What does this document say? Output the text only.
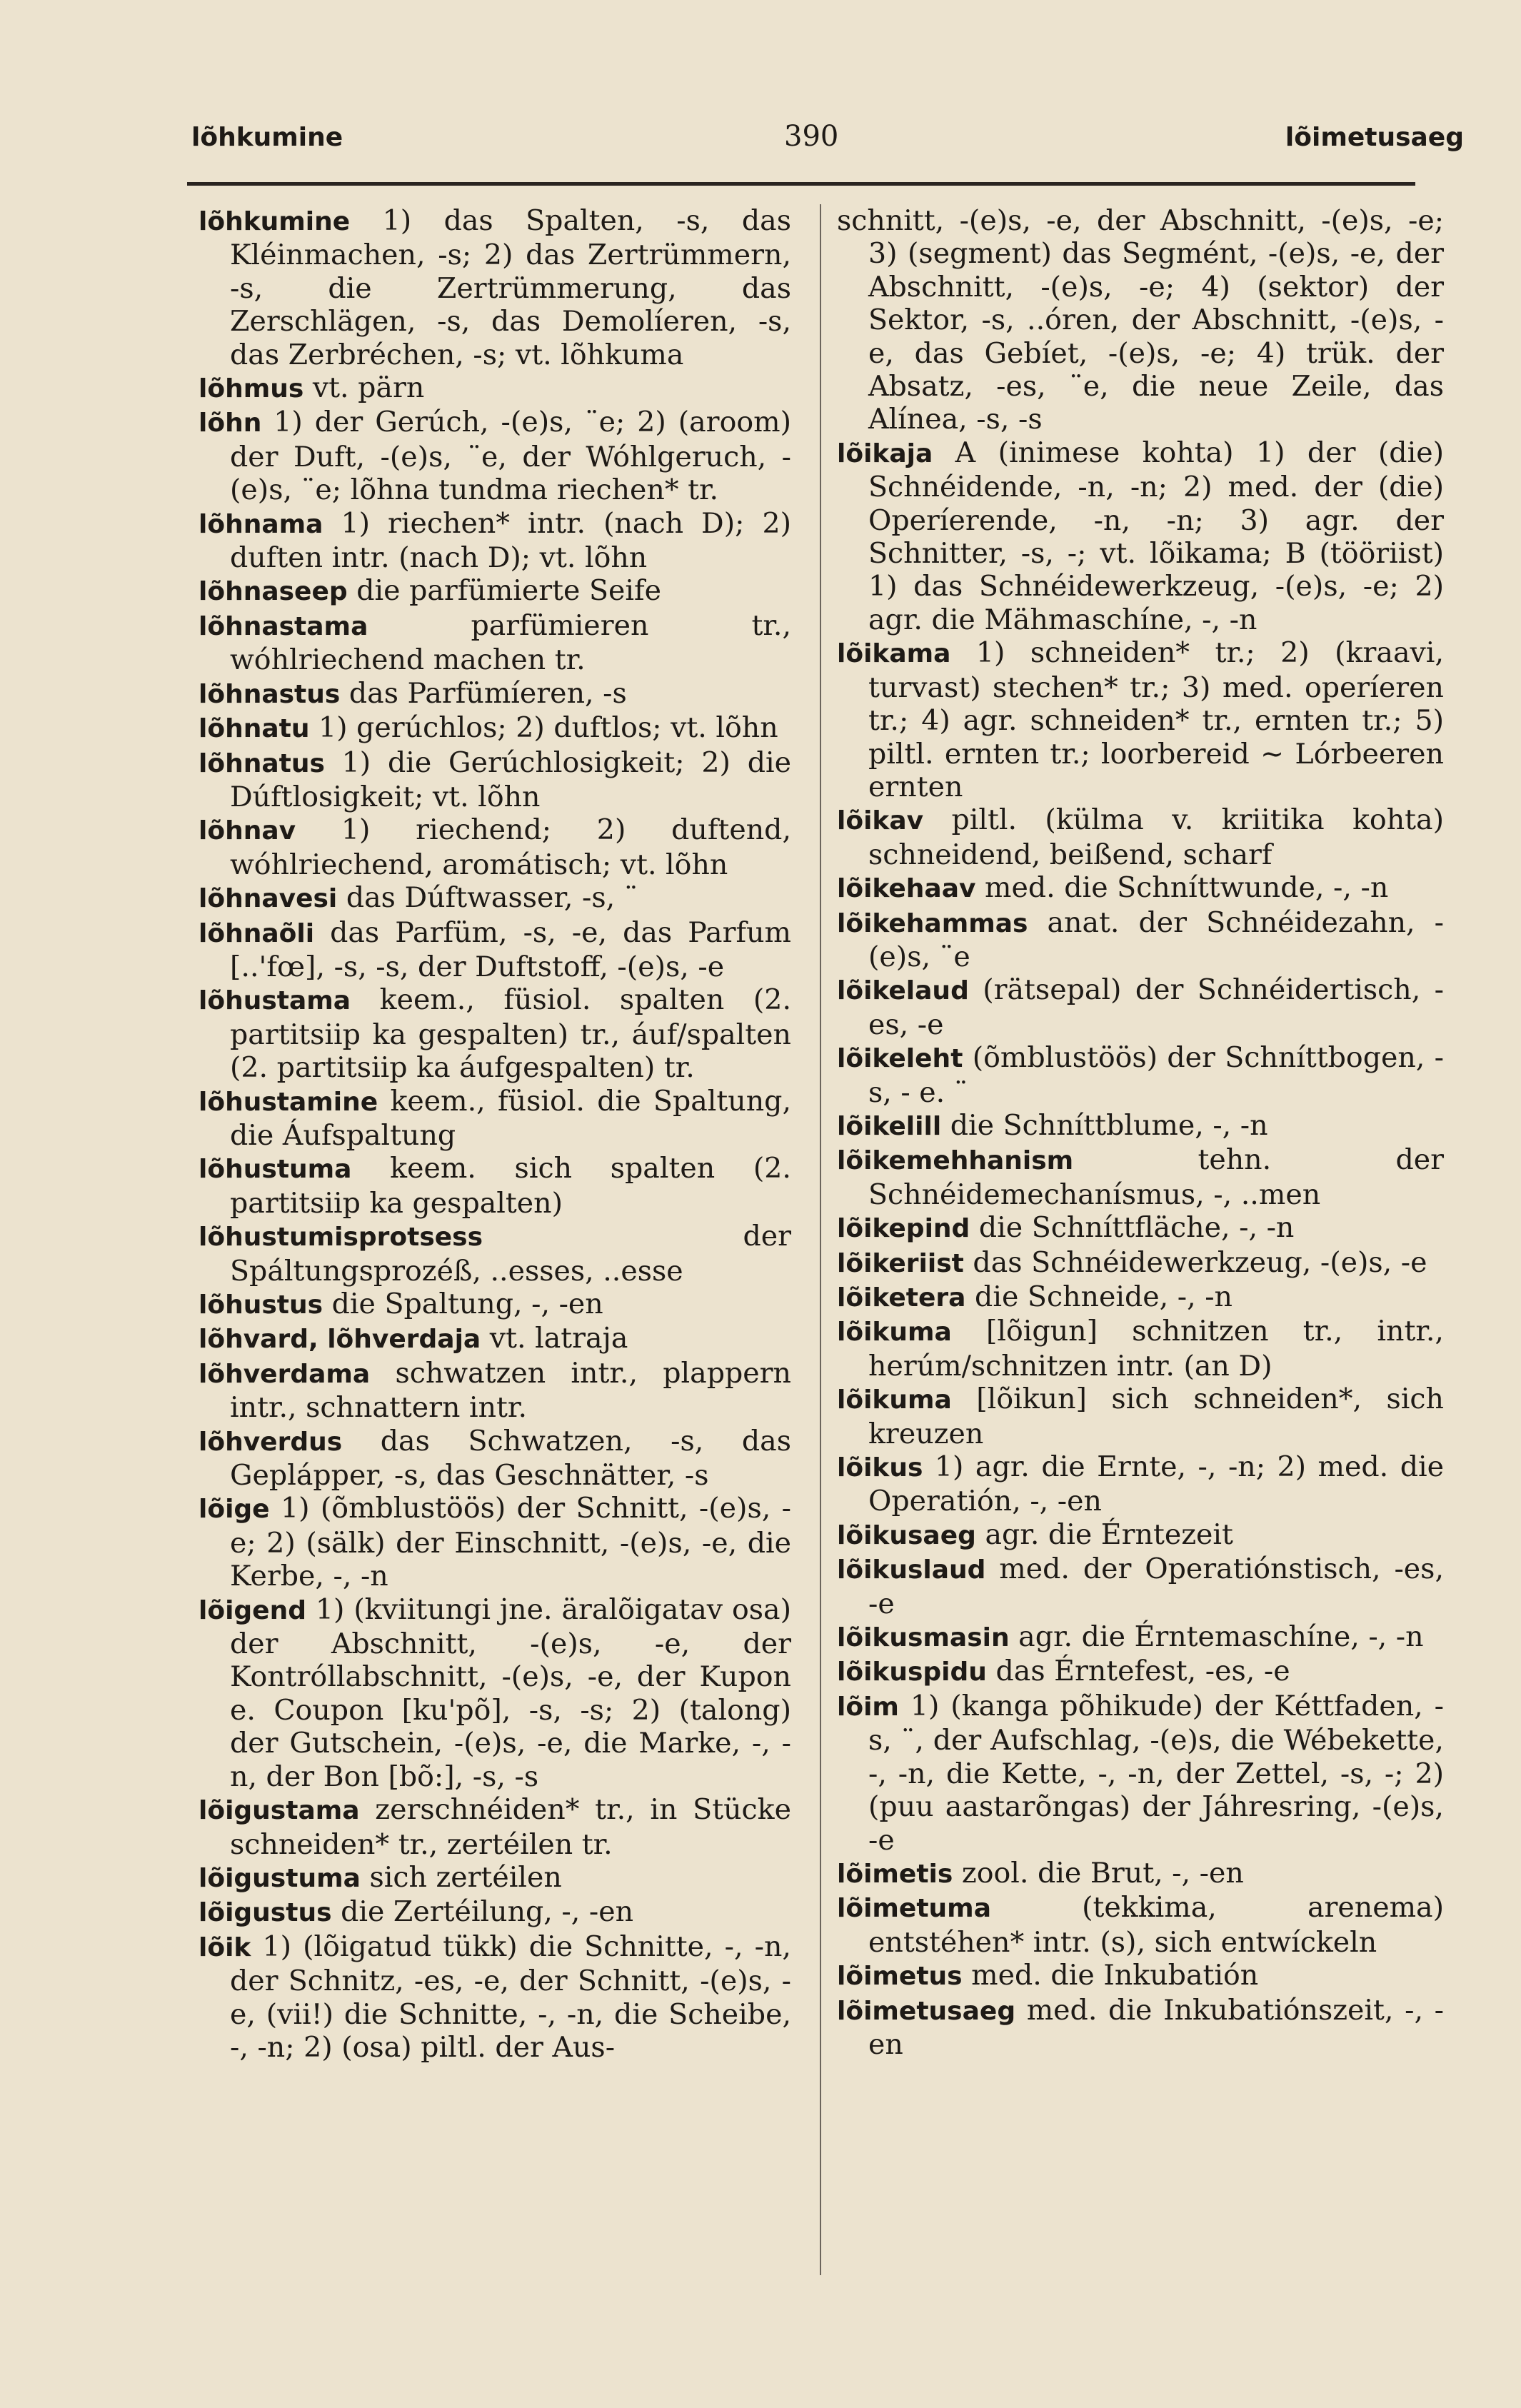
lõhkumine	390	lõimetusaeg

lõhkumine 1) das Spalten, -s, das Kléinmachen, -s; 2) das Zertrümmern, -s, die Zertrümmerung, das Zerschlägen, -s, das Demolíeren, -s, das Zerbréchen, -s; vt. lõhkuma

lõhmus vt. pärn

lõhn 1) der Gerúch, -(e)s, ¨e; 2) (aroom) der Duft, -(e)s, ¨e, der Wóhlgeruch, -(e)s, ¨e; lõhna tundma riechen* tr.

lõhnama 1) riechen* intr. (nach D); 2) duften intr. (nach D); vt. lõhn

lõhnaseep die parfümierte Seife

lõhnastama parfümieren tr., wóhlriechend machen tr.

lõhnastus das Parfümíeren, -s

lõhnatu 1) gerúchlos; 2) duftlos; vt. lõhn

lõhnatus 1) die Gerúchlosigkeit; 2) die Dúftlosigkeit; vt. lõhn

lõhnav 1) riechend; 2) duftend, wóhlriechend, aromátisch; vt. lõhn

lõhnavesi das Dúftwasser, -s, ¨

lõhnaõli das Parfüm, -s, -e, das Parfum [..'fœ], -s, -s, der Duftstoff, -(e)s, -e

lõhustama keem., füsiol. spalten (2. partitsiip ka gespalten) tr., áuf/spalten (2. partitsiip ka áufgespalten) tr.

lõhustamine keem., füsiol. die Spaltung, die Áufspaltung

lõhustuma keem. sich spalten (2. partitsiip ka gespalten)

lõhustumisprotsess der Spáltungsprozéß, ..esses, ..esse

lõhustus die Spaltung, -, -en

lõhvard, lõhverdaja vt. latraja

lõhverdama schwatzen intr., plappern intr., schnattern intr.

lõhverdus das Schwatzen, -s, das Geplápper, -s, das Geschnätter, -s

lõige 1) (õmblustöös) der Schnitt, -(e)s, -e; 2) (sälk) der Einschnitt, -(e)s, -e, die Kerbe, -, -n

lõigend 1) (kviitungi jne. äralõigatav osa) der Abschnitt, -(e)s, -e, der Kontróllabschnitt, -(e)s, -e, der Kupon e. Coupon [ku'põ], -s, -s; 2) (talong) der Gutschein, -(e)s, -e, die Marke, -, -n, der Bon [bõ:], -s, -s

lõigustama zerschnéiden* tr., in Stücke schneiden* tr., zertéilen tr.

lõigustuma sich zertéilen

lõigustus die Zertéilung, -, -en

lõik 1) (lõigatud tükk) die Schnitte, -, -n, der Schnitz, -es, -e, der Schnitt, -(e)s, -e, (vii!) die Schnitte, -, -n, die Scheibe, -, -n; 2) (osa) piltl. der Aus-

schnitt, -(e)s, -e, der Abschnitt, -(e)s, -e; 3) (segment) das Segmént, -(e)s, -e, der Abschnitt, -(e)s, -e; 4) (sektor) der Sektor, -s, ..óren, der Abschnitt, -(e)s, -e, das Gebíet, -(e)s, -e; 4) trük. der Absatz, -es, ¨e, die neue Zeile, das Alínea, -s, -s

lõikaja A (inimese kohta) 1) der (die) Schnéidende, -n, -n; 2) med. der (die) Operíerende, -n, -n; 3) agr. der Schnitter, -s, -; vt. lõikama; B (tööriist) 1) das Schnéidewerkzeug, -(e)s, -e; 2) agr. die Mähmaschíne, -, -n

lõikama 1) schneiden* tr.; 2) (kraavi, turvast) stechen* tr.; 3) med. operíeren tr.; 4) agr. schneiden* tr., ernten tr.; 5) piltl. ernten tr.; loorbereid ~ Lórbeeren ernten

lõikav piltl. (külma v. kriitika kohta) schneidend, beißend, scharf

lõikehaav med. die Schníttwunde, -, -n

lõikehammas anat. der Schnéidezahn, -(e)s, ¨e

lõikelaud (rätsepal) der Schnéidertisch, -es, -e

lõikeleht (õmblustöös) der Schníttbogen, -s, - e. ¨

lõikelill die Schníttblume, -, -n

lõikemehhanism tehn. der Schnéidemechanísmus, -, ..men

lõikepind die Schníttfläche, -, -n

lõikeriist das Schnéidewerkzeug, -(e)s, -e

lõiketera die Schneide, -, -n

lõikuma [lõigun] schnitzen tr., intr., herúm/schnitzen intr. (an D)

lõikuma [lõikun] sich schneiden*, sich kreuzen

lõikus 1) agr. die Ernte, -, -n; 2) med. die Operatión, -, -en

lõikusaeg agr. die Érntezeit

lõikuslaud med. der Operatiónstisch, -es, -e

lõikusmasin agr. die Érntemaschíne, -, -n

lõikuspidu das Érntefest, -es, -e

lõim 1) (kanga põhikude) der Kéttfaden, -s, ¨, der Aufschlag, -(e)s, die Wébekette, -, -n, die Kette, -, -n, der Zettel, -s, -; 2) (puu aastarõngas) der Jáhresring, -(e)s, -e

lõimetis zool. die Brut, -, -en

lõimetuma (tekkima, arenema) entstéhen* intr. (s), sich entwíckeln

lõimetus med. die Inkubatión

lõimetusaeg med. die Inkubatiónszeit, -, -en
